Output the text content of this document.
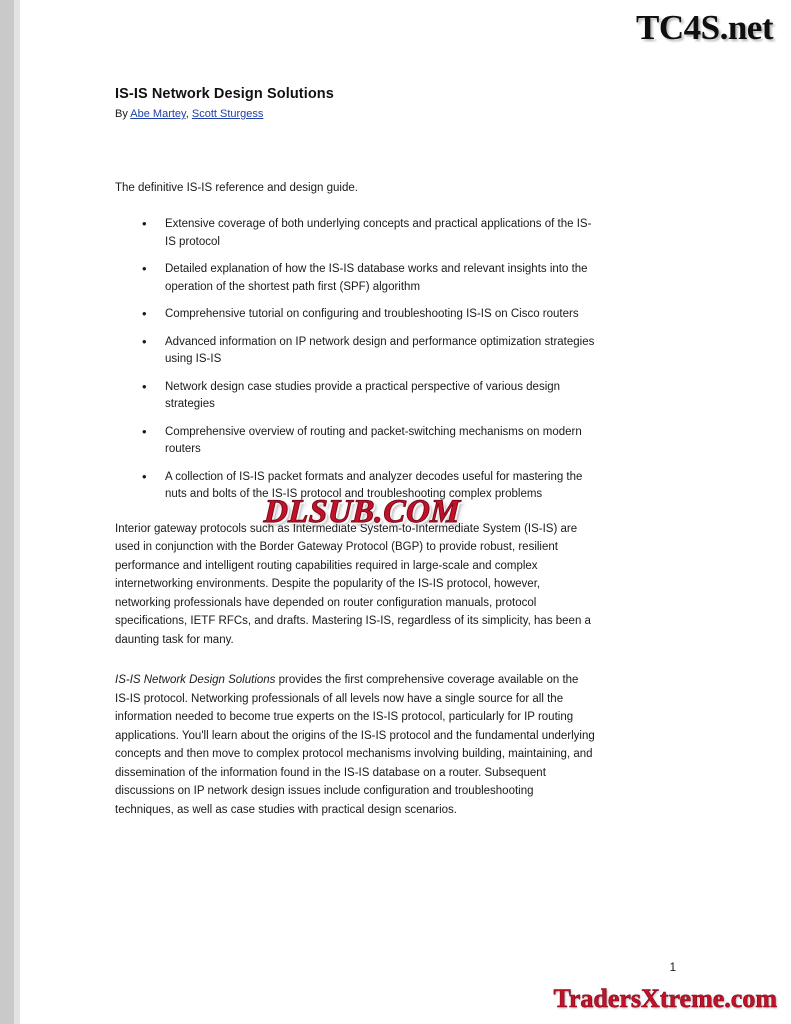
TC4S.net
IS-IS Network Design Solutions
By Abe Martey, Scott Sturgess
The definitive IS-IS reference and design guide.
• Extensive coverage of both underlying concepts and practical applications of the IS-IS protocol
• Detailed explanation of how the IS-IS database works and relevant insights into the operation of the shortest path first (SPF) algorithm
• Comprehensive tutorial on configuring and troubleshooting IS-IS on Cisco routers
• Advanced information on IP network design and performance optimization strategies using IS-IS
• Network design case studies provide a practical perspective of various design strategies
• Comprehensive overview of routing and packet-switching mechanisms on modern routers
• A collection of IS-IS packet formats and analyzer decodes useful for mastering the nuts and bolts of the IS-IS protocol and troubleshooting complex problems

Interior gateway protocols such as Intermediate System-to-Intermediate System (IS-IS) are used in conjunction with the Border Gateway Protocol (BGP) to provide robust, resilient performance and intelligent routing capabilities required in large-scale and complex internetworking environments. Despite the popularity of the IS-IS protocol, however, networking professionals have depended on router configuration manuals, protocol specifications, IETF RFCs, and drafts. Mastering IS-IS, regardless of its simplicity, has been a daunting task for many.

IS-IS Network Design Solutions provides the first comprehensive coverage available on the IS-IS protocol. Networking professionals of all levels now have a single source for all the information needed to become true experts on the IS-IS protocol, particularly for IP routing applications. You'll learn about the origins of the IS-IS protocol and the fundamental underlying concepts and then move to complex protocol mechanisms involving building, maintaining, and dissemination of the information found in the IS-IS database on a router. Subsequent discussions on IP network design issues include configuration and troubleshooting techniques, as well as case studies with practical design scenarios.

DLSUB.COM
1
TradersXtreme.com
